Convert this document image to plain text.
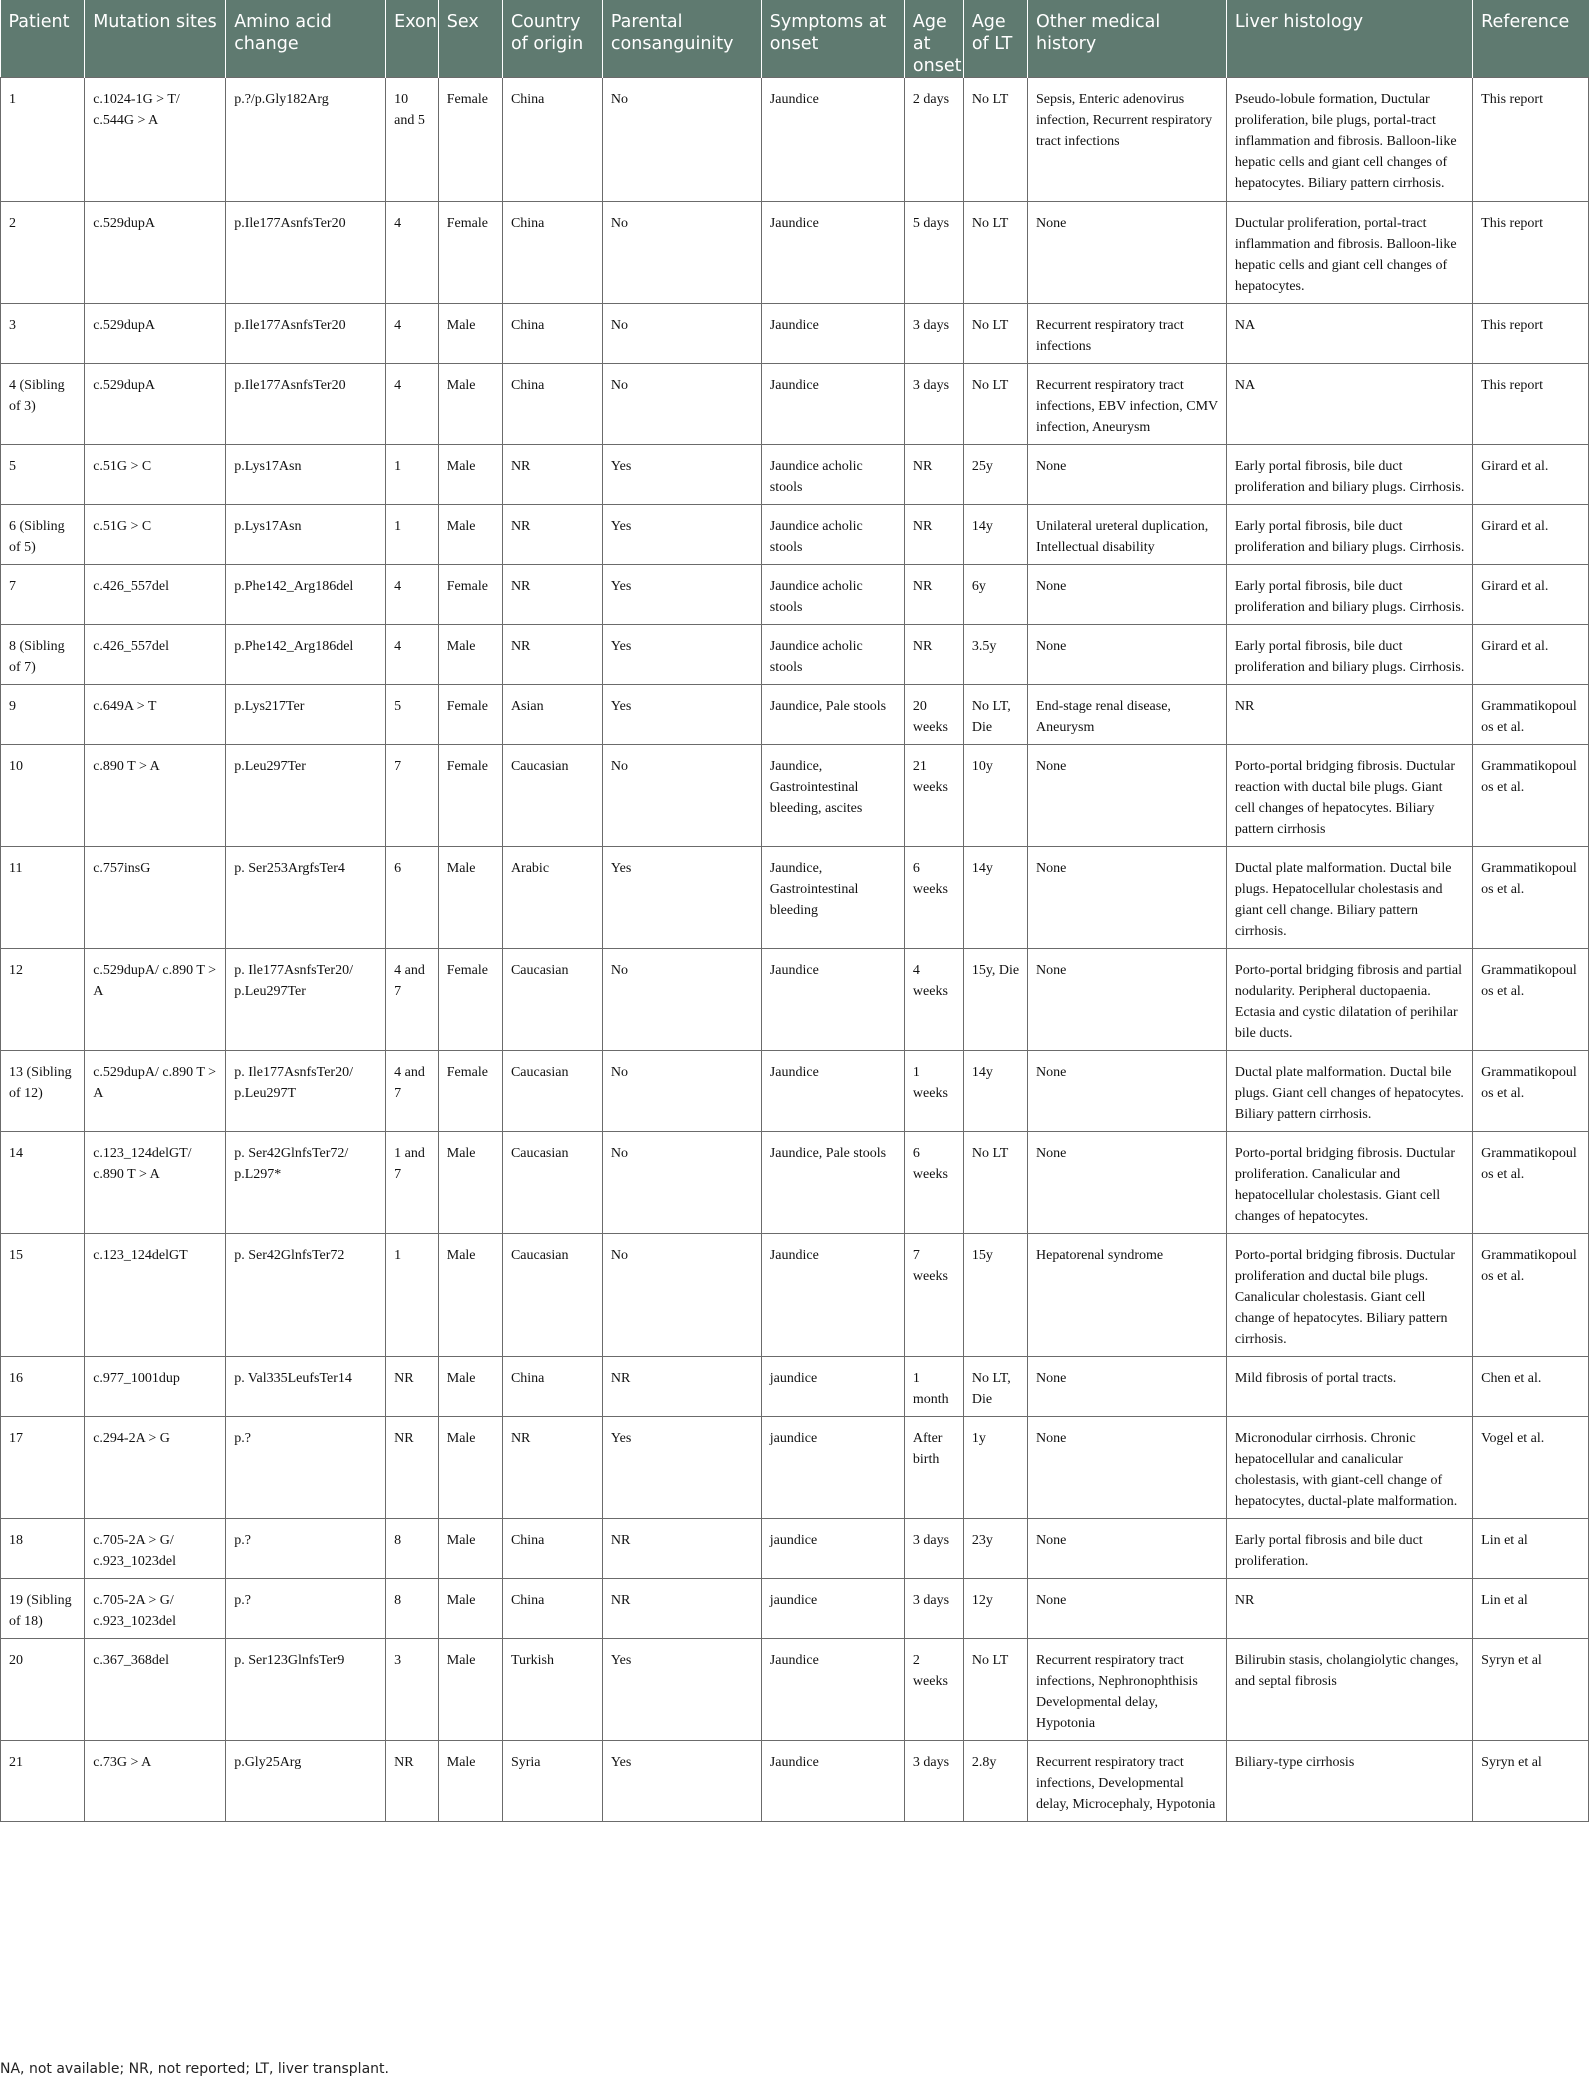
Patient	Mutation sites	Amino acid change	Exon	Sex	Country of origin	Parental consanguinity	Symptoms at onset	Age at onset	Age of LT	Other medical history	Liver histology	Reference
1	c.1024-1G > T/ c.544G > A	p.?/p.Gly182Arg	10 and 5	Female	China	No	Jaundice	2 days	No LT	Sepsis, Enteric adenovirus infection, Recurrent respiratory tract infections	Pseudo-lobule formation, Ductular proliferation, bile plugs, portal-tract inflammation and fibrosis. Balloon-like hepatic cells and giant cell changes of hepatocytes. Biliary pattern cirrhosis.	This report
2	c.529dupA	p.Ile177AsnfsTer20	4	Female	China	No	Jaundice	5 days	No LT	None	Ductular proliferation, portal-tract inflammation and fibrosis. Balloon-like hepatic cells and giant cell changes of hepatocytes.	This report
3	c.529dupA	p.Ile177AsnfsTer20	4	Male	China	No	Jaundice	3 days	No LT	Recurrent respiratory tract infections	NA	This report
4 (Sibling of 3)	c.529dupA	p.Ile177AsnfsTer20	4	Male	China	No	Jaundice	3 days	No LT	Recurrent respiratory tract infections, EBV infection, CMV infection, Aneurysm	NA	This report
5	c.51G > C	p.Lys17Asn	1	Male	NR	Yes	Jaundice acholic stools	NR	25y	None	Early portal fibrosis, bile duct proliferation and biliary plugs. Cirrhosis.	Girard et al.
6 (Sibling of 5)	c.51G > C	p.Lys17Asn	1	Male	NR	Yes	Jaundice acholic stools	NR	14y	Unilateral ureteral duplication, Intellectual disability	Early portal fibrosis, bile duct proliferation and biliary plugs. Cirrhosis.	Girard et al.
7	c.426_557del	p.Phe142_Arg186del	4	Female	NR	Yes	Jaundice acholic stools	NR	6y	None	Early portal fibrosis, bile duct proliferation and biliary plugs. Cirrhosis.	Girard et al.
8 (Sibling of 7)	c.426_557del	p.Phe142_Arg186del	4	Male	NR	Yes	Jaundice acholic stools	NR	3.5y	None	Early portal fibrosis, bile duct proliferation and biliary plugs. Cirrhosis.	Girard et al.
9	c.649A > T	p.Lys217Ter	5	Female	Asian	Yes	Jaundice, Pale stools	20 weeks	No LT, Die	End-stage renal disease, Aneurysm	NR	Grammatikopoulos et al.
10	c.890 T > A	p.Leu297Ter	7	Female	Caucasian	No	Jaundice, Gastrointestinal bleeding, ascites	21 weeks	10y	None	Porto-portal bridging fibrosis. Ductular reaction with ductal bile plugs. Giant cell changes of hepatocytes. Biliary pattern cirrhosis	Grammatikopoulos et al.
11	c.757insG	p. Ser253ArgfsTer4	6	Male	Arabic	Yes	Jaundice, Gastrointestinal bleeding	6 weeks	14y	None	Ductal plate malformation. Ductal bile plugs. Hepatocellular cholestasis and giant cell change. Biliary pattern cirrhosis.	Grammatikopoulos et al.
12	c.529dupA/ c.890 T > A	p. Ile177AsnfsTer20/ p.Leu297Ter	4 and 7	Female	Caucasian	No	Jaundice	4 weeks	15y, Die	None	Porto-portal bridging fibrosis and partial nodularity. Peripheral ductopaenia. Ectasia and cystic dilatation of perihilar bile ducts.	Grammatikopoulos et al.
13 (Sibling of 12)	c.529dupA/ c.890 T > A	p. Ile177AsnfsTer20/ p.Leu297T	4 and 7	Female	Caucasian	No	Jaundice	1 weeks	14y	None	Ductal plate malformation. Ductal bile plugs. Giant cell changes of hepatocytes. Biliary pattern cirrhosis.	Grammatikopoulos et al.
14	c.123_124delGT/ c.890 T > A	p. Ser42GlnfsTer72/ p.L297*	1 and 7	Male	Caucasian	No	Jaundice, Pale stools	6 weeks	No LT	None	Porto-portal bridging fibrosis. Ductular proliferation. Canalicular and hepatocellular cholestasis. Giant cell changes of hepatocytes.	Grammatikopoulos et al.
15	c.123_124delGT	p. Ser42GlnfsTer72	1	Male	Caucasian	No	Jaundice	7 weeks	15y	Hepatorenal syndrome	Porto-portal bridging fibrosis. Ductular proliferation and ductal bile plugs. Canalicular cholestasis. Giant cell change of hepatocytes. Biliary pattern cirrhosis.	Grammatikopoulos et al.
16	c.977_1001dup	p. Val335LeufsTer14	NR	Male	China	NR	jaundice	1 month	No LT, Die	None	Mild fibrosis of portal tracts.	Chen et al.
17	c.294-2A > G	p.?	NR	Male	NR	Yes	jaundice	After birth	1y	None	Micronodular cirrhosis. Chronic hepatocellular and canalicular cholestasis, with giant-cell change of hepatocytes, ductal-plate malformation.	Vogel et al.
18	c.705-2A > G/ c.923_1023del	p.?	8	Male	China	NR	jaundice	3 days	23y	None	Early portal fibrosis and bile duct proliferation.	Lin et al
19 (Sibling of 18)	c.705-2A > G/ c.923_1023del	p.?	8	Male	China	NR	jaundice	3 days	12y	None	NR	Lin et al
20	c.367_368del	p. Ser123GlnfsTer9	3	Male	Turkish	Yes	Jaundice	2 weeks	No LT	Recurrent respiratory tract infections, Nephronophthisis Developmental delay, Hypotonia	Bilirubin stasis, cholangiolytic changes, and septal fibrosis	Syryn et al
21	c.73G > A	p.Gly25Arg	NR	Male	Syria	Yes	Jaundice	3 days	2.8y	Recurrent respiratory tract infections, Developmental delay, Microcephaly, Hypotonia	Biliary-type cirrhosis	Syryn et al
NA, not available; NR, not reported; LT, liver transplant.
